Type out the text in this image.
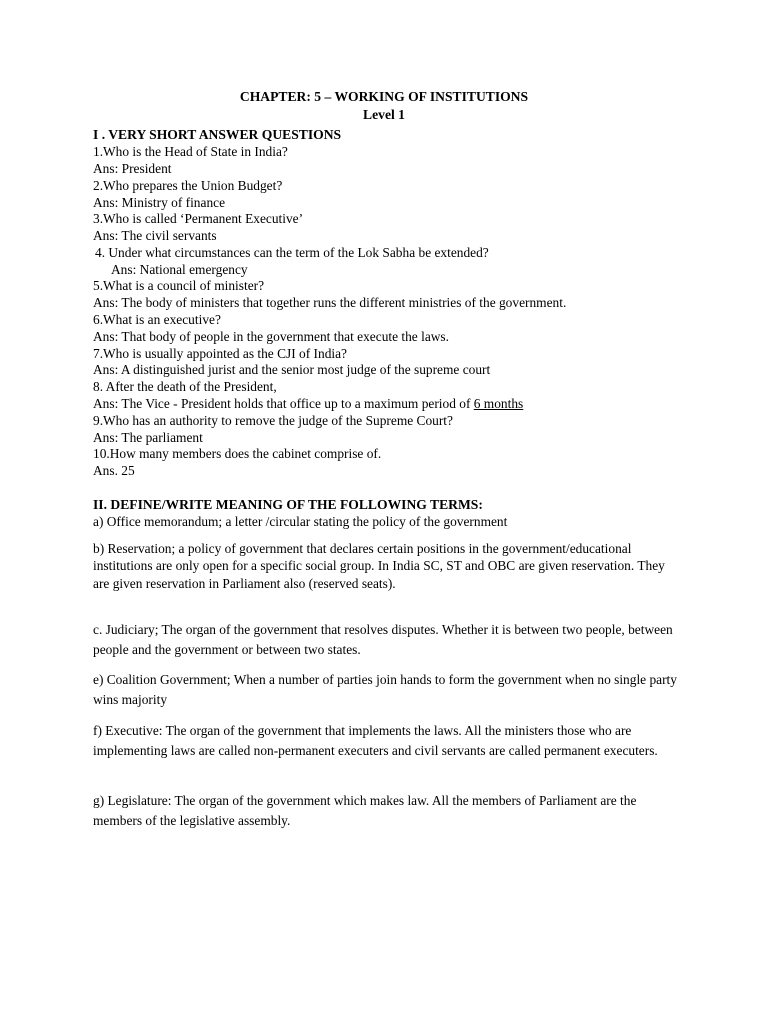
CHAPTER: 5 – WORKING OF INSTITUTIONS
Level 1
I . VERY SHORT ANSWER QUESTIONS
1.Who is the Head of State in India?
Ans: President
2.Who prepares the Union Budget?
Ans: Ministry of finance
3.Who is called ‘Permanent Executive’
Ans: The civil servants
4. Under what circumstances can the term of the Lok Sabha be extended?
Ans: National emergency
5.What is a council of minister?
Ans: The body of ministers that together runs the different ministries of the government.
6.What is an executive?
Ans: That body of people in the government that execute the laws.
7.Who is usually appointed as the CJI of India?
Ans: A distinguished jurist and the senior most judge of the supreme court
8. After the death of the President,
Ans: The Vice - President holds that office up to a maximum period of 6 months
9.Who has an authority to remove the judge of the Supreme Court?
Ans: The parliament
10.How many members does the cabinet comprise of.
Ans. 25
II. DEFINE/WRITE MEANING OF THE FOLLOWING TERMS:
a) Office memorandum; a letter /circular stating the policy of the government
b) Reservation; a policy of government that declares certain positions in the government/educational institutions are only open for a specific social group. In India SC, ST and OBC are given reservation. They are given reservation in Parliament also (reserved seats).
c. Judiciary; The organ of the government that resolves disputes. Whether it is between two people, between people and the government or between two states.
e) Coalition Government; When a number of parties join hands to form the government when no single party wins majority
f) Executive: The organ of the government that implements the laws. All the ministers those who are implementing laws are called non-permanent executers and civil servants are called permanent executers.
g) Legislature: The organ of the government which makes law. All the members of Parliament are the members of the legislative assembly.
